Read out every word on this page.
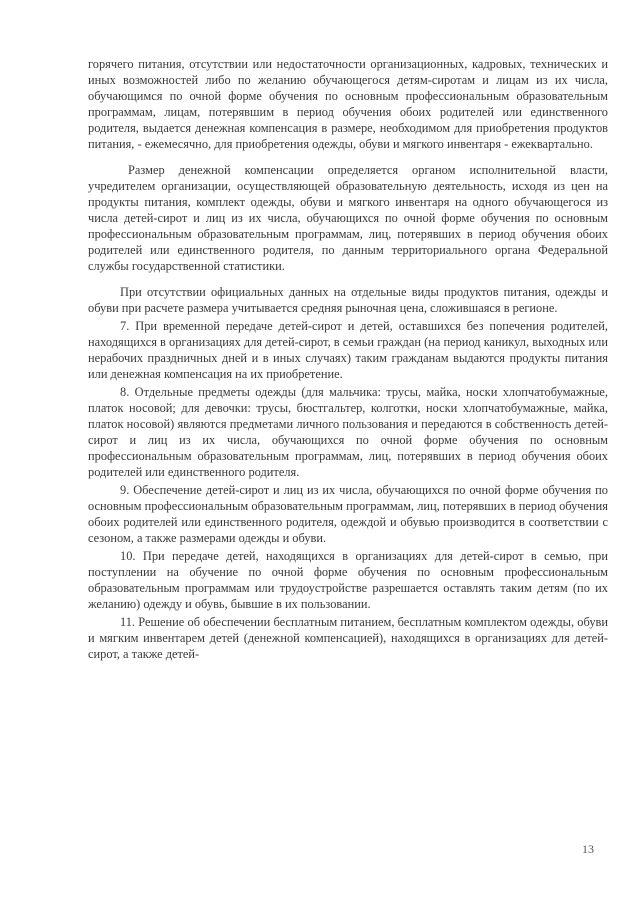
горячего питания, отсутствии или недостаточности организационных, кадровых, технических и иных возможностей либо по желанию обучающегося детям-сиротам и лицам из их числа, обучающимся по очной форме обучения по основным профессиональным образовательным программам, лицам, потерявшим в период обучения обоих родителей или единственного родителя, выдается денежная компенсация в размере, необходимом для приобретения продуктов питания, - ежемесячно, для приобретения одежды, обуви и мягкого инвентаря - ежеквартально.

Размер денежной компенсации определяется органом исполнительной власти, учредителем организации, осуществляющей образовательную деятельность, исходя из цен на продукты питания, комплект одежды, обуви и мягкого инвентаря на одного обучающегося из числа детей-сирот и лиц из их числа, обучающихся по очной форме обучения по основным профессиональным образовательным программам, лиц, потерявших в период обучения обоих родителей или единственного родителя, по данным территориального органа Федеральной службы государственной статистики.

При отсутствии официальных данных на отдельные виды продуктов питания, одежды и обуви при расчете размера учитывается средняя рыночная цена, сложившаяся в регионе.

7. При временной передаче детей-сирот и детей, оставшихся без попечения родителей, находящихся в организациях для детей-сирот, в семьи граждан (на период каникул, выходных или нерабочих праздничных дней и в иных случаях) таким гражданам выдаются продукты питания или денежная компенсация на их приобретение.

8. Отдельные предметы одежды (для мальчика: трусы, майка, носки хлопчатобумажные, платок носовой; для девочки: трусы, бюстгальтер, колготки, носки хлопчатобумажные, майка, платок носовой) являются предметами личного пользования и передаются в собственность детей-сирот и лиц из их числа, обучающихся по очной форме обучения по основным профессиональным образовательным программам, лиц, потерявших в период обучения обоих родителей или единственного родителя.

9. Обеспечение детей-сирот и лиц из их числа, обучающихся по очной форме обучения по основным профессиональным образовательным программам, лиц, потерявших в период обучения обоих родителей или единственного родителя, одеждой и обувью производится в соответствии с сезоном, а также размерами одежды и обуви.

10. При передаче детей, находящихся в организациях для детей-сирот в семью, при поступлении на обучение по очной форме обучения по основным профессиональным образовательным программам или трудоустройстве разрешается оставлять таким детям (по их желанию) одежду и обувь, бывшие в их пользовании.

11. Решение об обеспечении бесплатным питанием, бесплатным комплектом одежды, обуви и мягким инвентарем детей (денежной компенсацией), находящихся в организациях для детей-сирот, а также детей-

13
